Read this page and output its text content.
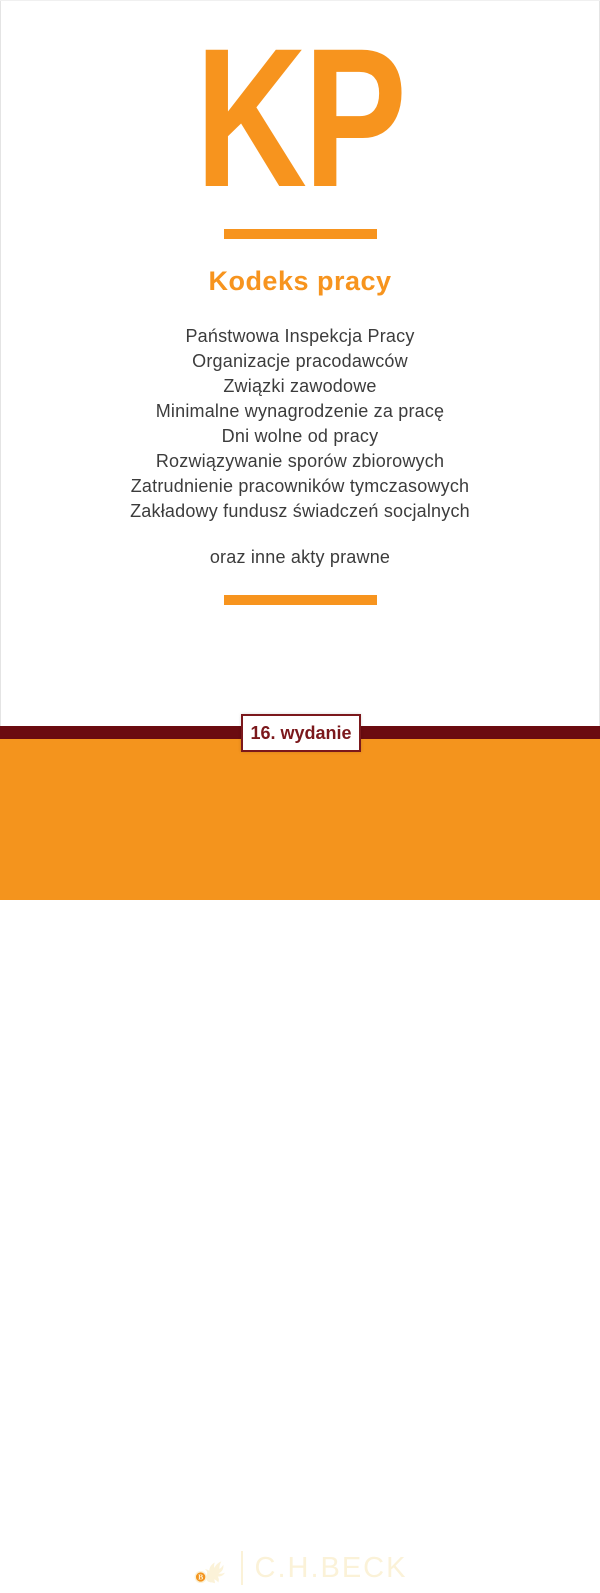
KP
Kodeks pracy
Państwowa Inspekcja Pracy
Organizacje pracodawców
Związki zawodowe
Minimalne wynagrodzenie za pracę
Dni wolne od pracy
Rozwiązywanie sporów zbiorowych
Zatrudnienie pracowników tymczasowych
Zakładowy fundusz świadczeń socjalnych
oraz inne akty prawne
16. wydanie
B C.H.BECK
